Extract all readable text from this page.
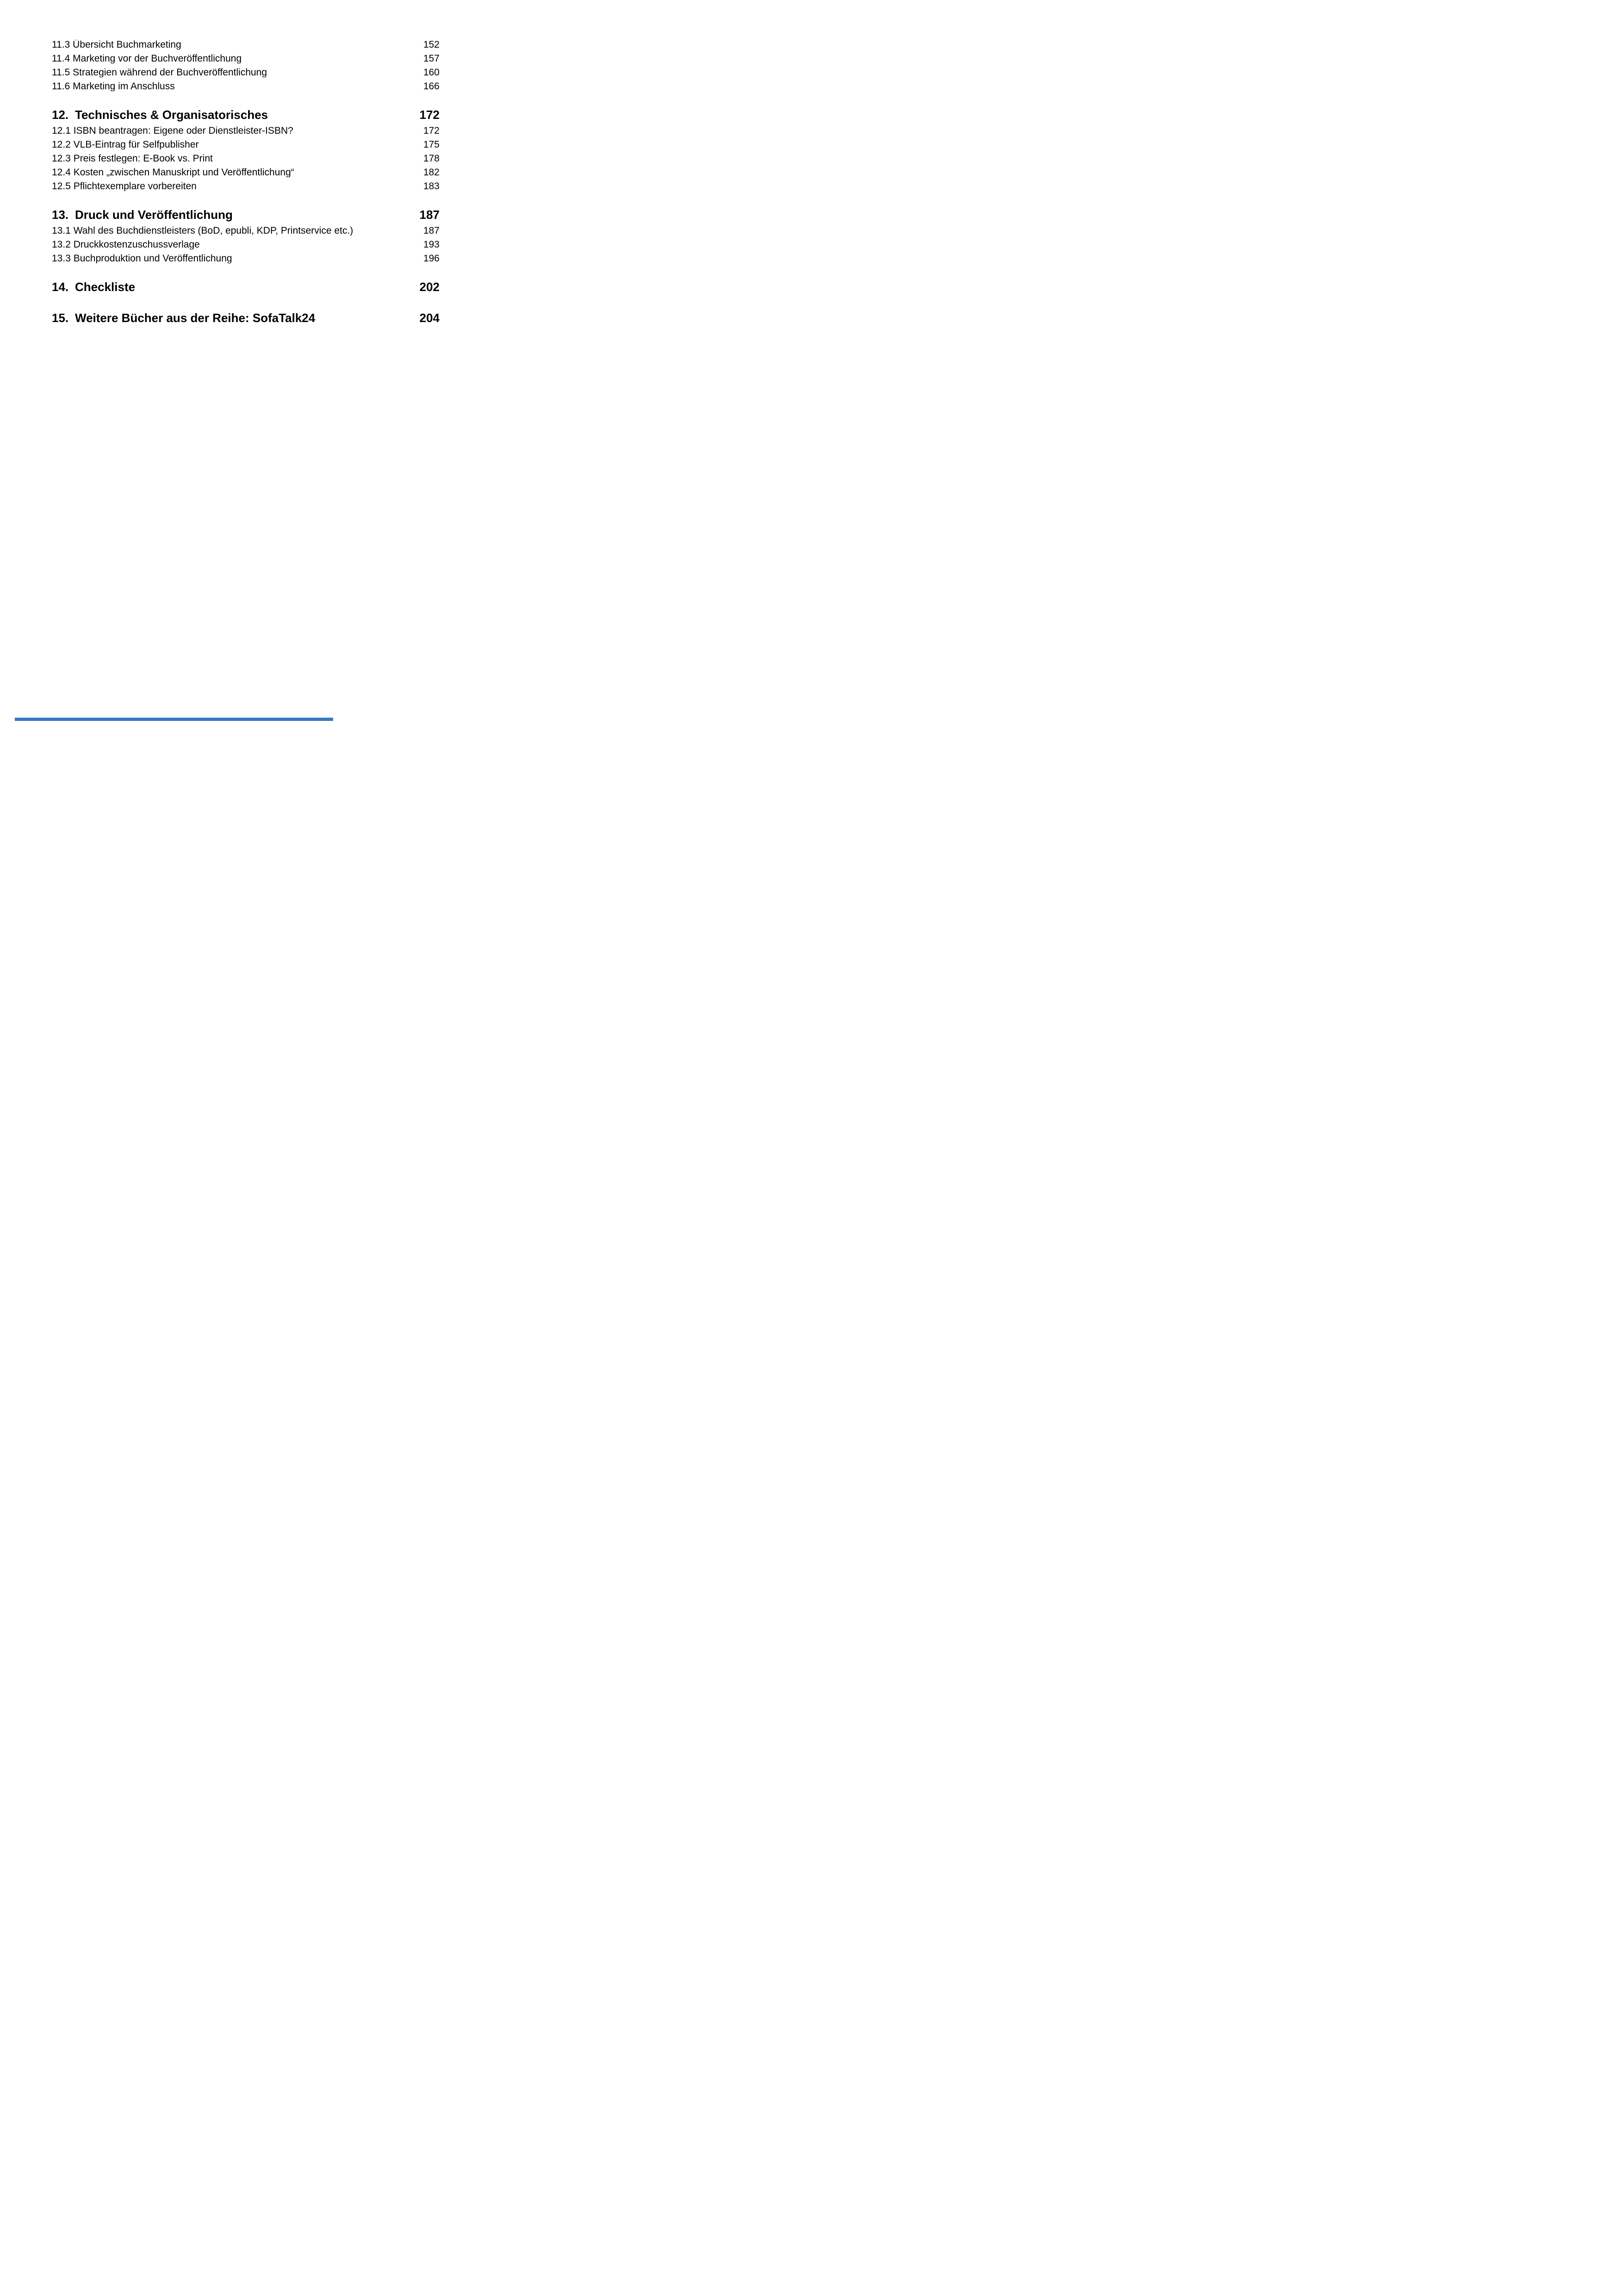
11.3 Übersicht Buchmarketing	152
11.4 Marketing vor der Buchveröffentlichung	157
11.5 Strategien während der Buchveröffentlichung	160
11.6 Marketing im Anschluss	166
12. Technisches & Organisatorisches	172
12.1 ISBN beantragen: Eigene oder Dienstleister-ISBN?	172
12.2 VLB-Eintrag für Selfpublisher	175
12.3 Preis festlegen: E-Book vs. Print	178
12.4 Kosten „zwischen Manuskript und Veröffentlichung“	182
12.5 Pflichtexemplare vorbereiten	183
13. Druck und Veröffentlichung	187
13.1 Wahl des Buchdienstleisters (BoD, epubli, KDP, Printservice etc.)	187
13.2 Druckkostenzuschussverlage	193
13.3 Buchproduktion und Veröffentlichung	196
14. Checkliste	202
15. Weitere Bücher aus der Reihe: SofaTalk24	204
